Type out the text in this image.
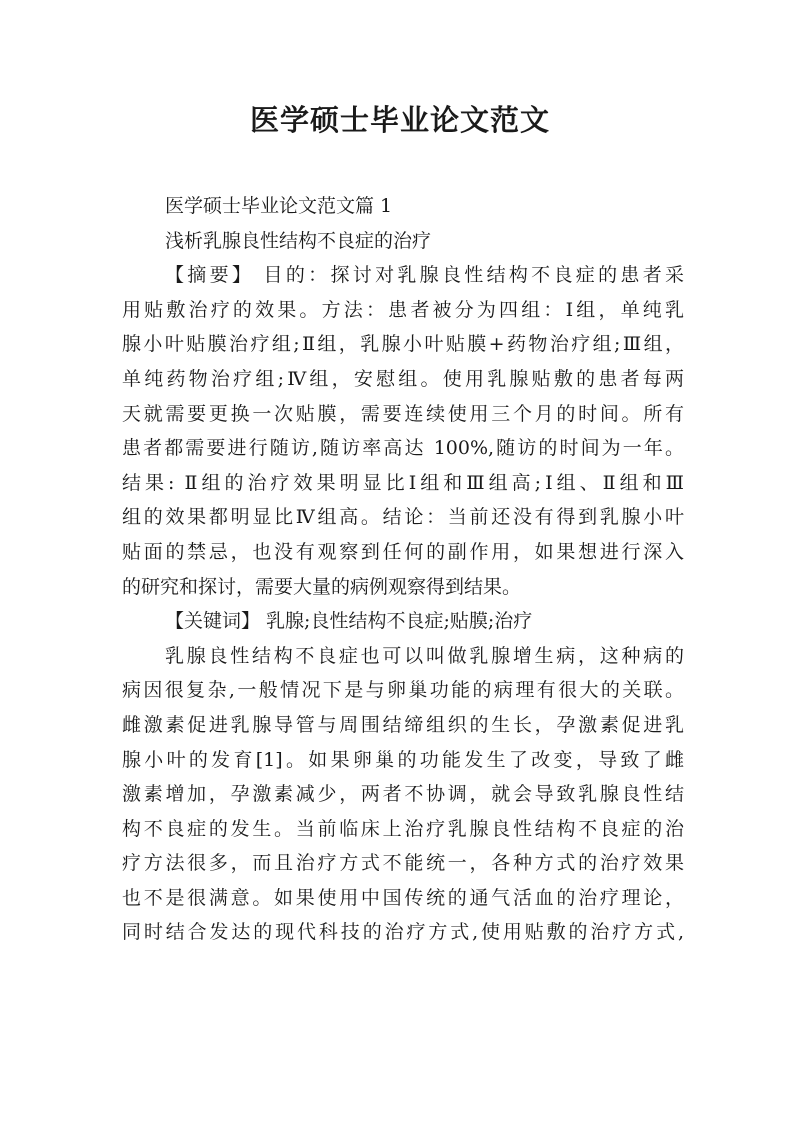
医学硕士毕业论文范文
医学硕士毕业论文范文篇 1
浅析乳腺良性结构不良症的治疗
【摘要】 目的：探讨对乳腺良性结构不良症的患者采
用贴敷治疗的效果。方法：患者被分为四组：Ⅰ组，单纯乳
腺小叶贴膜治疗组;Ⅱ组，乳腺小叶贴膜+药物治疗组;Ⅲ组，
单纯药物治疗组;Ⅳ组，安慰组。使用乳腺贴敷的患者每两
天就需要更换一次贴膜，需要连续使用三个月的时间。所有
患者都需要进行随访,随访率高达 100%,随访的时间为一年。
结果: Ⅱ组的治疗效果明显比Ⅰ组和Ⅲ组高;Ⅰ组、Ⅱ组和Ⅲ
组的效果都明显比Ⅳ组高。结论：当前还没有得到乳腺小叶
贴面的禁忌，也没有观察到任何的副作用，如果想进行深入
的研究和探讨，需要大量的病例观察得到结果。
【关键词】 乳腺;良性结构不良症;贴膜;治疗
乳腺良性结构不良症也可以叫做乳腺增生病，这种病的
病因很复杂,一般情况下是与卵巢功能的病理有很大的关联。
雌激素促进乳腺导管与周围结缔组织的生长，孕激素促进乳
腺小叶的发育[1]。如果卵巢的功能发生了改变，导致了雌
激素增加，孕激素减少，两者不协调，就会导致乳腺良性结
构不良症的发生。当前临床上治疗乳腺良性结构不良症的治
疗方法很多，而且治疗方式不能统一，各种方式的治疗效果
也不是很满意。如果使用中国传统的通气活血的治疗理论，
同时结合发达的现代科技的治疗方式,使用贴敷的治疗方式,
